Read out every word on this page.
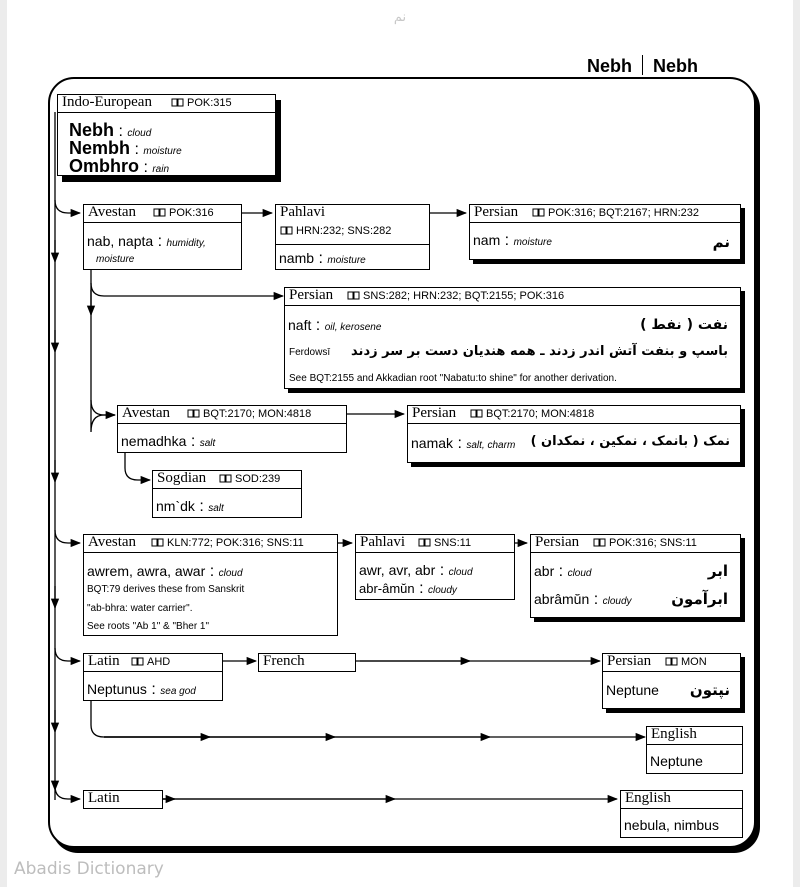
نم
Nebh Nebh
Indo-European	POK:315
Nebh : cloud
Nembh : moisture
Ombhro : rain
Avestan	POK:316
nab, napta : humidity,
moisture
Pahlavi
HRN:232; SNS:282
namb : moisture
Persian	POK:316; BQT:2167; HRN:232
nam : moisture	نم
Persian	SNS:282; HRN:232; BQT:2155; POK:316
naft : oil, kerosene	نفت ( نفط )
Ferdowsī باسپ و بنفت آتش اندر زدند ـ همه هندیان دست بر سر زدند
See BQT:2155 and Akkadian root "Nabatu:to shine" for another derivation.
Avestan	BQT:2170; MON:4818
nemadhka : salt
Persian	BQT:2170; MON:4818
namak : salt, charm نمک ( بانمک ، نمکین ، نمکدان )
Sogdian	SOD:239
nm`dk : salt
Avestan	KLN:772; POK:316; SNS:11
awrem, awra, awar : cloud
BQT:79 derives these from Sanskrit
"ab-bhra: water carrier".
See roots "Ab 1" & "Bher 1"
Pahlavi	SNS:11
awr, avr, abr : cloud
abr-âmŭn : cloudy
Persian	POK:316; SNS:11
abr : cloud	ابر
abrâmŭn : cloudy	ابرآمون
Latin	AHD
Neptunus : sea god
French	Persian	MON
Neptune نپتون
English
Neptune
Latin	English
nebula, nimbus
Abadis Dictionary
